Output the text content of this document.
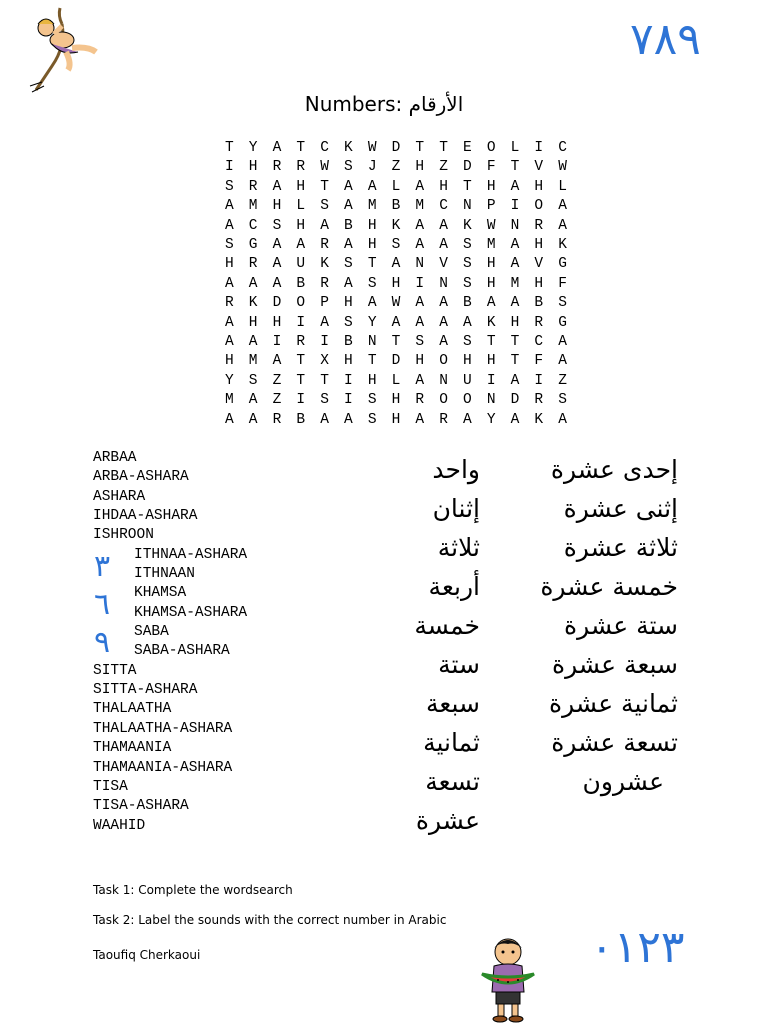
٧٨٩
Numbers: الأرقام
T Y A T C K W D T T E O L I C
I H R R W S J Z H Z D F T V W
S R A H T A A L A H T H A H L
A M H L S A M B M C N P I O A
A C S H A B H K A A K W N R A
S G A A R A H S A A S M A H K
H R A U K S T A N V S H A V G
A A A B R A S H I N S H M H F
R K D O P H A W A A B A A B S
A H H I A S Y A A A A K H R G
A A I R I B N T S A S T T C A
H M A T X H T D H O H H T F A
Y S Z T T I H L A N U I A I Z
M A Z I S I S H R O O N D R S
A A R B A A S H A R A Y A K A
ARBAA
ARBA-ASHARA
ASHARA
IHDAA-ASHARA
ISHROON
ITHNAA-ASHARA
ITHNAAN
KHAMSA
KHAMSA-ASHARA
SABA
SABA-ASHARA
SITTA
SITTA-ASHARA
THALAATHA
THALAATHA-ASHARA
THAMAANIA
THAMAANIA-ASHARA
TISA
TISA-ASHARA
WAAHID
٣
٦
٩
واحد
إثنان
ثلاثة
أربعة
خمسة
ستة
سبعة
ثمانية
تسعة
عشرة
إحدى عشرة
إثنى عشرة
ثلاثة عشرة
خمسة عشرة
ستة عشرة
سبعة عشرة
ثمانية عشرة
تسعة عشرة
عشرون
Task 1: Complete the wordsearch
Task 2: Label the sounds with the correct number in Arabic
Taoufiq Cherkaoui	٠١٢٣
